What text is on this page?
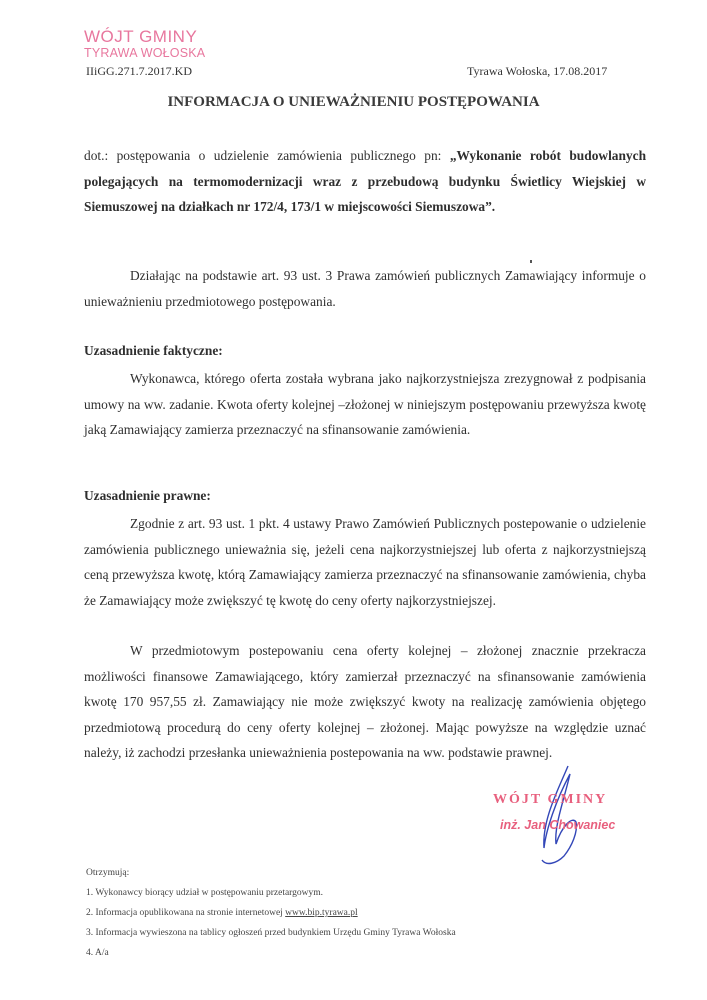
WÓJT GMINY
TYRAWA WOŁOSKA
IIiGG.271.7.2017.KD	Tyrawa Wołoska, 17.08.2017
INFORMACJA O UNIEWAŻNIENIU POSTĘPOWANIA
dot.: postępowania o udzielenie zamówienia publicznego pn: „Wykonanie robót budowlanych polegających na termomodernizacji wraz z przebudową budynku Świetlicy Wiejskiej w Siemuszowej na działkach nr 172/4, 173/1 w miejscowości Siemuszowa”.
Działając na podstawie art. 93 ust. 3 Prawa zamówień publicznych Zamawiający informuje o unieważnieniu przedmiotowego postępowania.
Uzasadnienie faktyczne:
Wykonawca, którego oferta została wybrana jako najkorzystniejsza zrezygnował z podpisania umowy na ww. zadanie. Kwota oferty kolejnej –złożonej w niniejszym postępowaniu przewyższa kwotę jaką Zamawiający zamierza przeznaczyć na sfinansowanie zamówienia.
Uzasadnienie prawne:
Zgodnie z art. 93 ust. 1 pkt. 4 ustawy Prawo Zamówień Publicznych postepowanie o udzielenie zamówienia publicznego unieważnia się, jeżeli cena najkorzystniejszej lub oferta z najkorzystniejszą ceną przewyższa kwotę, którą Zamawiający zamierza przeznaczyć na sfinansowanie zamówienia, chyba że Zamawiający może zwiększyć tę kwotę do ceny oferty najkorzystniejszej.
W przedmiotowym postepowaniu cena oferty kolejnej – złożonej znacznie przekracza możliwości finansowe Zamawiającego, który zamierzał przeznaczyć na sfinansowanie zamówienia kwotę 170 957,55 zł. Zamawiający nie może zwiększyć kwoty na realizację zamówienia objętego przedmiotową procedurą do ceny oferty kolejnej – złożonej. Mając powyższe na względzie uznać należy, iż zachodzi przesłanka unieważnienia postepowania na ww. podstawie prawnej.
WÓJT GMINY
inż. Jan Chowaniec
Otrzymują:
1. Wykonawcy biorący udział w postępowaniu przetargowym.
2. Informacja opublikowana na stronie internetowej www.bip.tyrawa.pl
3. Informacja wywieszona na tablicy ogłoszeń przed budynkiem Urzędu Gminy Tyrawa Wołoska
4. A/a
